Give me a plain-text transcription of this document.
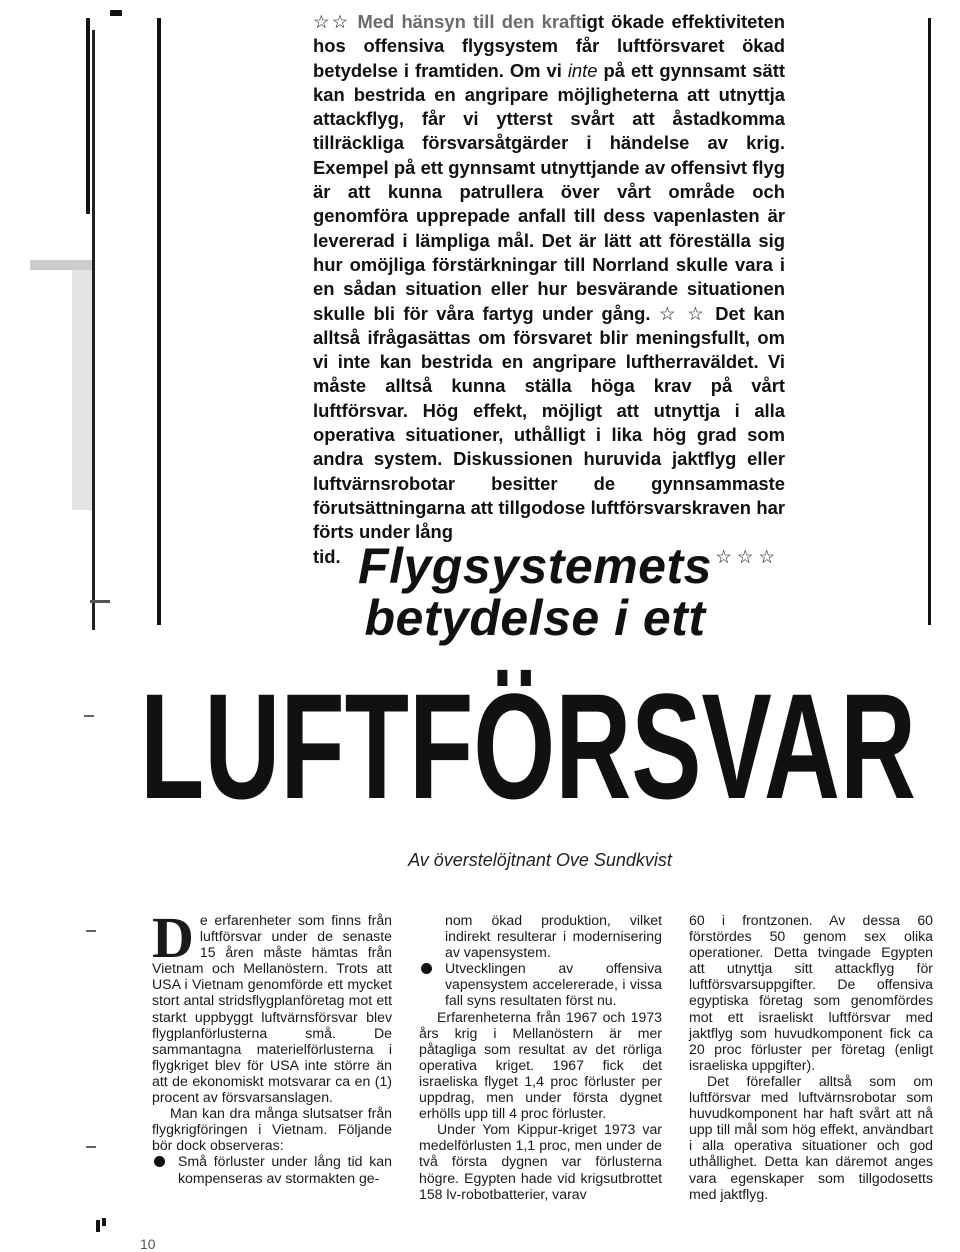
☆☆ Med hänsyn till den kraftigt ökade effektiviteten hos offensiva flygsystem får luftförsvaret ökad betydelse i framtiden. Om vi inte på ett gynnsamt sätt kan bestrida en angripare möjligheterna att utnyttja attackflyg, får vi ytterst svårt att åstadkomma tillräckliga försvarsåtgärder i händelse av krig. Exempel på ett gynnsamt utnyttjande av offensivt flyg är att kunna patrullera över vårt område och genomföra upprepade anfall till dess vapenlasten är levererad i lämpliga mål. Det är lätt att föreställa sig hur omöjliga förstärkningar till Norrland skulle vara i en sådan situation eller hur besvärande situationen skulle bli för våra fartyg under gång. ☆ ☆ Det kan alltså ifrågasättas om försvaret blir meningsfullt, om vi inte kan bestrida en angripare luftherraväldet. Vi måste alltså kunna ställa höga krav på vårt luftförsvar. Hög effekt, möjligt att utnyttja i alla operativa situationer, uthålligt i lika hög grad som andra system. Diskussionen huruvida jaktflyg eller luftvärnsrobotar besitter de gynnsammaste förutsättningarna att tillgodose luftförsvarskraven har förts under lång

tid.	☆ ☆ ☆
Flygsystemets
betydelse i ett
LUFTFÖRSVAR
Av överstelöjtnant Ove Sundkvist

De erfarenheter som finns från luftförsvar under de senaste 15 åren måste hämtas från Vietnam och Mellanöstern. Trots att USA i Vietnam genomförde ett mycket stort antal stridsflygplanföretag mot ett starkt uppbyggt luftvärnsförsvar blev flygplanförlusterna små. De sammantagna materielförlusterna i flygkriget blev för USA inte större än att de ekonomiskt motsvarar ca en (1) procent av försvarsanslagen.

Man kan dra många slutsatser från flygkrigföringen i Vietnam. Följande bör dock observeras:

Små förluster under lång tid kan kompenseras av stormakten ge-

nom ökad produktion, vilket indirekt resulterar i modernisering av vapensystem.

Utvecklingen av offensiva vapensystem accelererade, i vissa fall syns resultaten först nu.

Erfarenheterna från 1967 och 1973 års krig i Mellanöstern är mer påtagliga som resultat av det rörliga operativa kriget. 1967 fick det israeliska flyget 1,4 proc förluster per uppdrag, men under första dygnet erhölls upp till 4 proc förluster.

Under Yom Kippur-kriget 1973 var medelförlusten 1,1 proc, men under de två första dygnen var förlusterna högre. Egypten hade vid krigsutbrottet 158 lv-robotbatterier, varav

60 i frontzonen. Av dessa 60 förstördes 50 genom sex olika operationer. Detta tvingade Egypten att utnyttja sitt attackflyg för luftförsvarsuppgifter. De offensiva egyptiska företag som genomfördes mot ett israeliskt luftförsvar med jaktflyg som huvudkomponent fick ca 20 proc förluster per företag (enligt israeliska uppgifter).

Det förefaller alltså som om luftförsvar med luftvärnsrobotar som huvudkomponent har haft svårt att nå upp till mål som hög effekt, användbart i alla operativa situationer och god uthållighet. Detta kan däremot anges vara egenskaper som tillgodosetts med jaktflyg.

10
